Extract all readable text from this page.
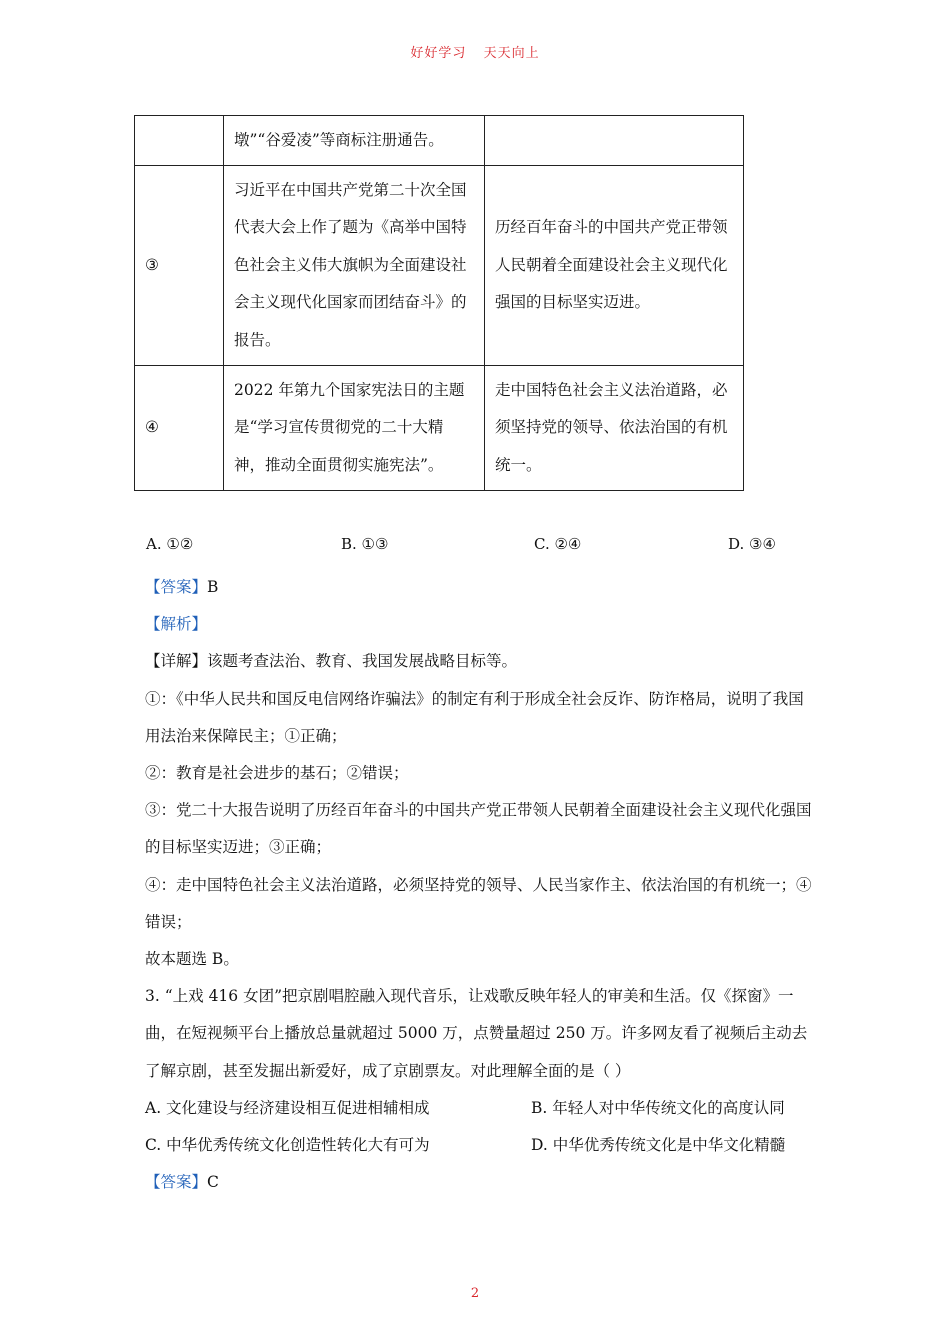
好好学习 天天向上
	墩”“谷爱凌”等商标注册通告。	
③	习近平在中国共产党第二十次全国代表大会上作了题为《高举中国特色社会主义伟大旗帜为全面建设社会主义现代化国家而团结奋斗》的报告。	历经百年奋斗的中国共产党正带领人民朝着全面建设社会主义现代化强国的目标坚实迈进。
④	2022 年第九个国家宪法日的主题是“学习宣传贯彻党的二十大精神，推动全面贯彻实施宪法”。	走中国特色社会主义法治道路，必须坚持党的领导、依法治国的有机统一。
A. ①②	B. ①③	C. ②④	D. ③④

【答案】B

【解析】

【详解】该题考查法治、教育、我国发展战略目标等。

①：《中华人民共和国反电信网络诈骗法》的制定有利于形成全社会反诈、防诈格局，说明了我国用法治来保障民主；①正确；

②：教育是社会进步的基石；②错误；

③：党二十大报告说明了历经百年奋斗的中国共产党正带领人民朝着全面建设社会主义现代化强国的目标坚实迈进；③正确；

④：走中国特色社会主义法治道路，必须坚持党的领导、人民当家作主、依法治国的有机统一；④错误；

故本题选 B。

3. “上戏 416 女团”把京剧唱腔融入现代音乐，让戏歌反映年轻人的审美和生活。仅《探窗》一曲，在短视频平台上播放总量就超过 5000 万，点赞量超过 250 万。许多网友看了视频后主动去了解京剧，甚至发掘出新爱好，成了京剧票友。对此理解全面的是（ ）

A. 文化建设与经济建设相互促进相辅相成	B. 年轻人对中华传统文化的高度认同
C. 中华优秀传统文化创造性转化大有可为	D. 中华优秀传统文化是中华文化精髓

【答案】C

2
